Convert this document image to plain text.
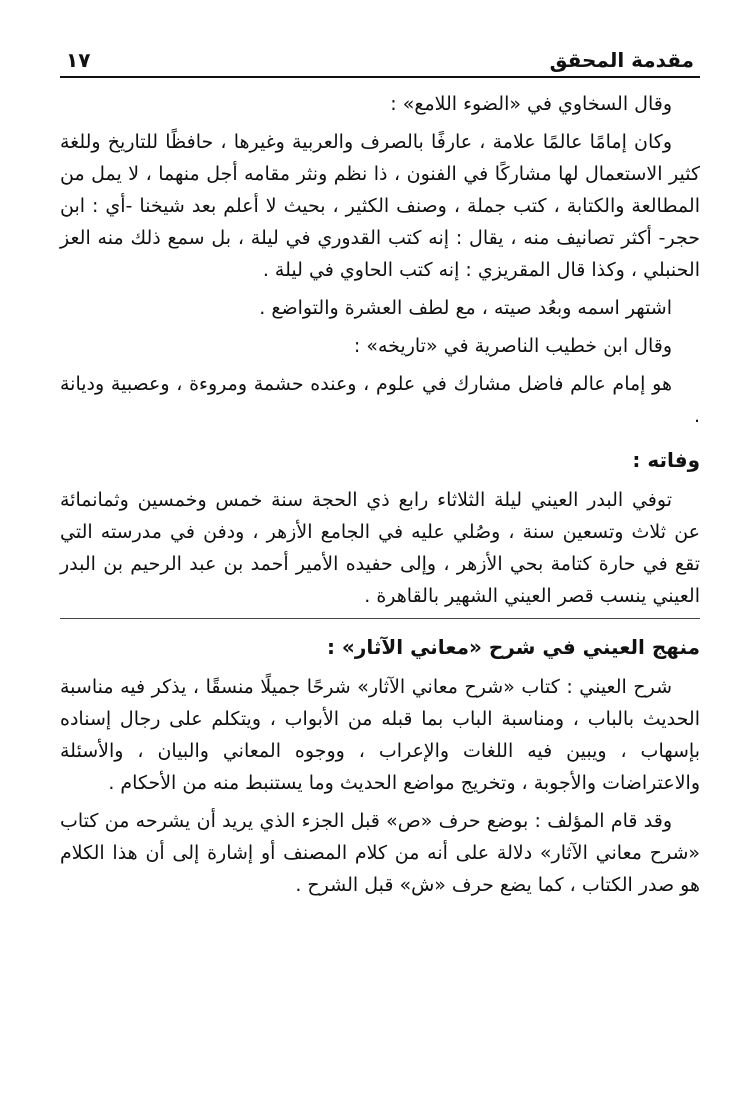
مقدمة المحقق
١٧

وقال السخاوي في «الضوء اللامع» :

وكان إمامًا عالمًا علامة ، عارفًا بالصرف والعربية وغيرها ، حافظًا للتاريخ وللغة كثير الاستعمال لها مشاركًا في الفنون ، ذا نظم ونثر مقامه أجل منهما ، لا يمل من المطالعة والكتابة ، كتب جملة ، وصنف الكثير ، بحيث لا أعلم بعد شيخنا -أي : ابن حجر- أكثر تصانيف منه ، يقال : إنه كتب القدوري في ليلة ، بل سمع ذلك منه العز الحنبلي ، وكذا قال المقريزي : إنه كتب الحاوي في ليلة .

اشتهر اسمه وبعُد صيته ، مع لطف العشرة والتواضع .

وقال ابن خطيب الناصرية في «تاريخه» :

هو إمام عالم فاضل مشارك في علوم ، وعنده حشمة ومروءة ، وعصبية وديانة .

وفاته :

توفي البدر العيني ليلة الثلاثاء رابع ذي الحجة سنة خمس وخمسين وثمانمائة عن ثلاث وتسعين سنة ، وصُلي عليه في الجامع الأزهر ، ودفن في مدرسته التي تقع في حارة كتامة بحي الأزهر ، وإلى حفيده الأمير أحمد بن عبد الرحيم بن البدر العيني ينسب قصر العيني الشهير بالقاهرة .

منهج العيني في شرح «معاني الآثار» :

شرح العيني : كتاب «شرح معاني الآثار» شرحًا جميلًا منسقًا ، يذكر فيه مناسبة الحديث بالباب ، ومناسبة الباب بما قبله من الأبواب ، ويتكلم على رجال إسناده بإسهاب ، ويبين فيه اللغات والإعراب ، ووجوه المعاني والبيان ، والأسئلة والاعتراضات والأجوبة ، وتخريج مواضع الحديث وما يستنبط منه من الأحكام .

وقد قام المؤلف : بوضع حرف «ص» قبل الجزء الذي يريد أن يشرحه من كتاب «شرح معاني الآثار» دلالة على أنه من كلام المصنف أو إشارة إلى أن هذا الكلام هو صدر الكتاب ، كما يضع حرف «ش» قبل الشرح .
